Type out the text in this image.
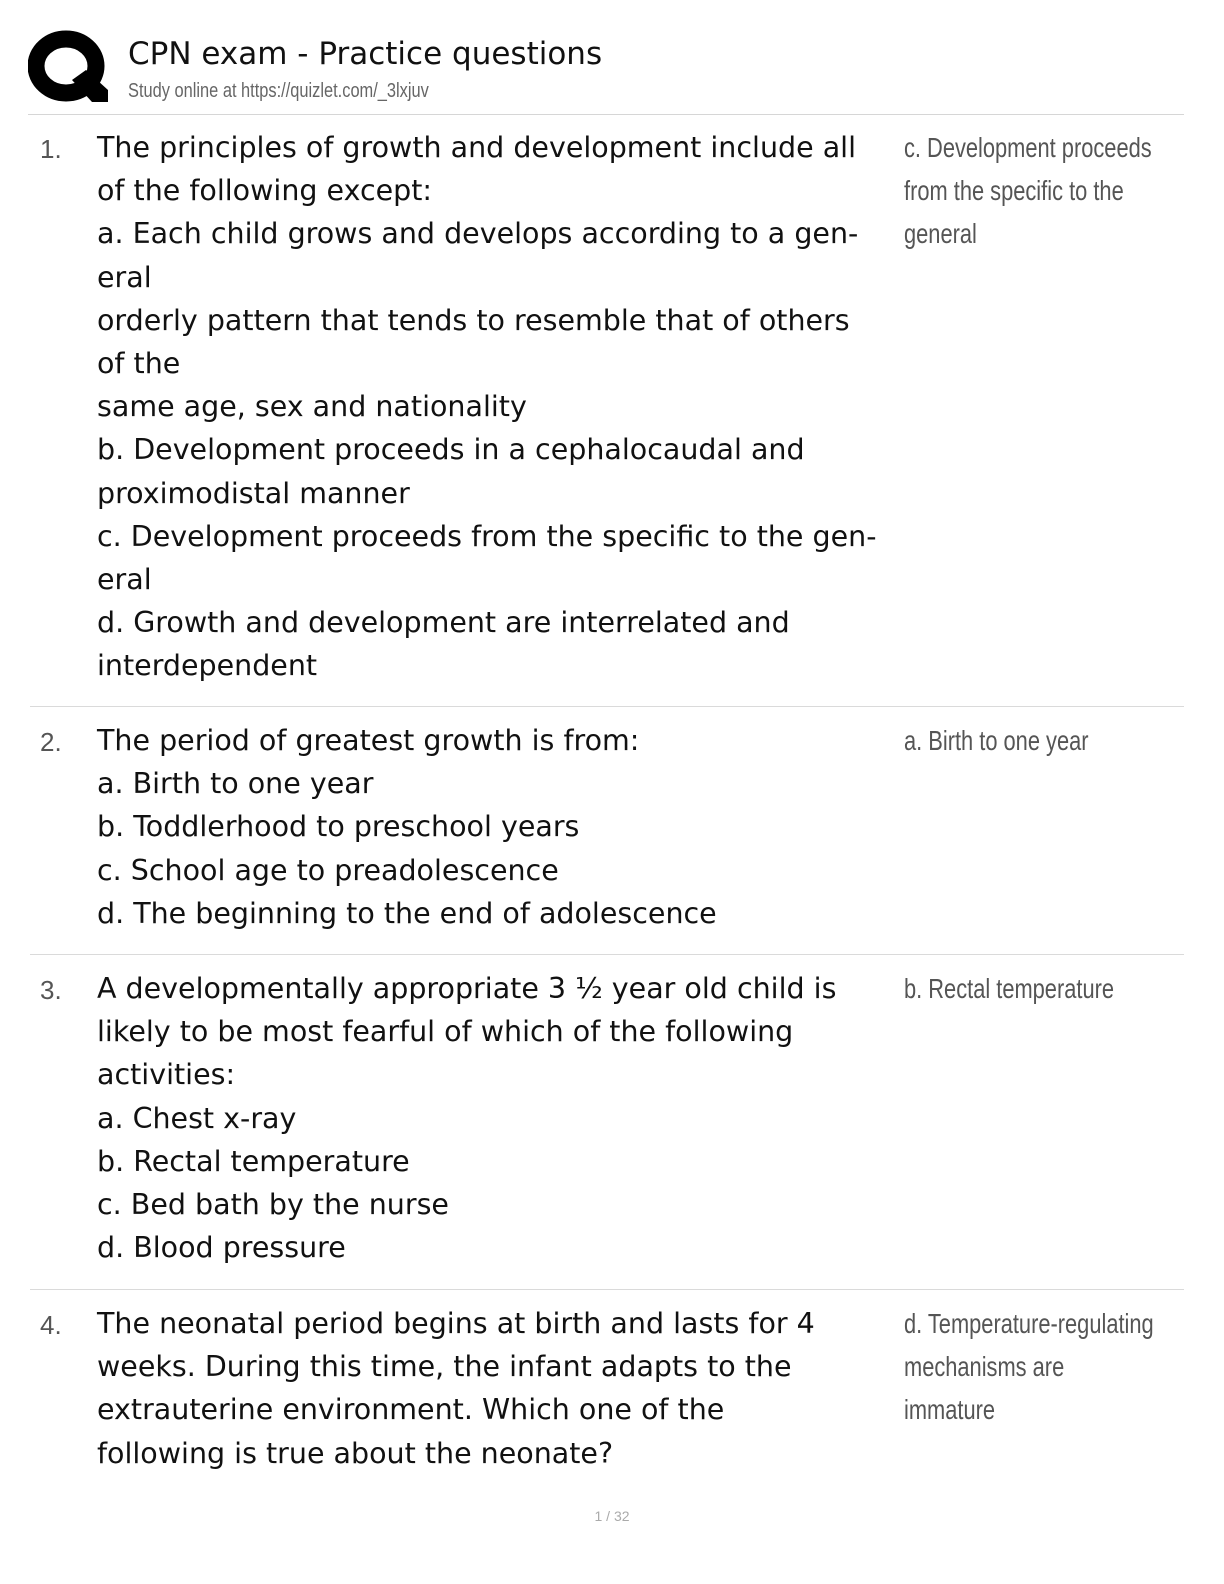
CPN exam - Practice questions
Study online at https://quizlet.com/_3lxjuv
1. The principles of growth and development include all
of the following except:
a. Each child grows and develops according to a gen-
eral
orderly pattern that tends to resemble that of others
of the
same age, sex and nationality
b. Development proceeds in a cephalocaudal and
proximodistal manner
c. Development proceeds from the specific to the gen-
eral
d. Growth and development are interrelated and
interdependent
c. Development proceeds
from the specific to the
general
2. The period of greatest growth is from:
a. Birth to one year
b. Toddlerhood to preschool years
c. School age to preadolescence
d. The beginning to the end of adolescence
a. Birth to one year
3. A developmentally appropriate 3 ½ year old child is
likely to be most fearful of which of the following
activities:
a. Chest x-ray
b. Rectal temperature
c. Bed bath by the nurse
d. Blood pressure
b. Rectal temperature
4. The neonatal period begins at birth and lasts for 4
weeks. During this time, the infant adapts to the
extrauterine environment. Which one of the
following is true about the neonate?
d. Temperature-regulating
mechanisms are
immature
1 / 32
